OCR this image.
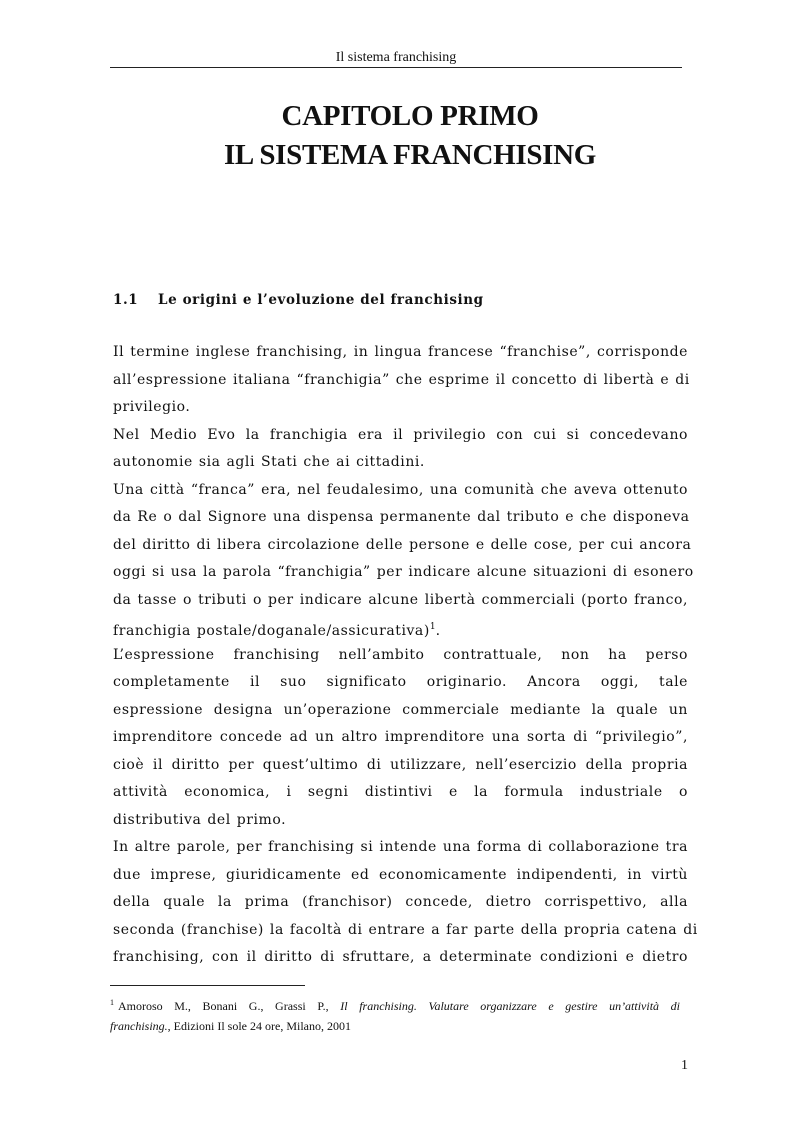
Il sistema franchising
CAPITOLO PRIMO
IL SISTEMA FRANCHISING
1.1 Le origini e l’evoluzione del franchising
Il termine inglese franchising, in lingua francese “franchise”, corrisponde
all’espressione italiana “franchigia” che esprime il concetto di libertà e di
privilegio.
Nel Medio Evo la franchigia era il privilegio con cui si concedevano
autonomie sia agli Stati che ai cittadini.
Una città “franca” era, nel feudalesimo, una comunità che aveva ottenuto
da Re o dal Signore una dispensa permanente dal tributo e che disponeva
del diritto di libera circolazione delle persone e delle cose, per cui ancora
oggi si usa la parola “franchigia” per indicare alcune situazioni di esonero
da tasse o tributi o per indicare alcune libertà commerciali (porto franco,
franchigia postale/doganale/assicurativa)$^1$.
L’espressione franchising nell’ambito contrattuale, non ha perso
completamente il suo significato originario. Ancora oggi, tale
espressione designa un’operazione commerciale mediante la quale un
imprenditore concede ad un altro imprenditore una sorta di “privilegio”,
cioè il diritto per quest’ultimo di utilizzare, nell’esercizio della propria
attività economica, i segni distintivi e la formula industriale o
distributiva del primo.
In altre parole, per franchising si intende una forma di collaborazione tra
due imprese, giuridicamente ed economicamente indipendenti, in virtù
della quale la prima (franchisor) concede, dietro corrispettivo, alla
seconda (franchise) la facoltà di entrare a far parte della propria catena di
franchising, con il diritto di sfruttare, a determinate condizioni e dietro
$^1$ Amoroso M., Bonani G., Grassi P., Il franchising. Valutare organizzare e gestire un’attività di
franchising., Edizioni Il sole 24 ore, Milano, 2001
1
